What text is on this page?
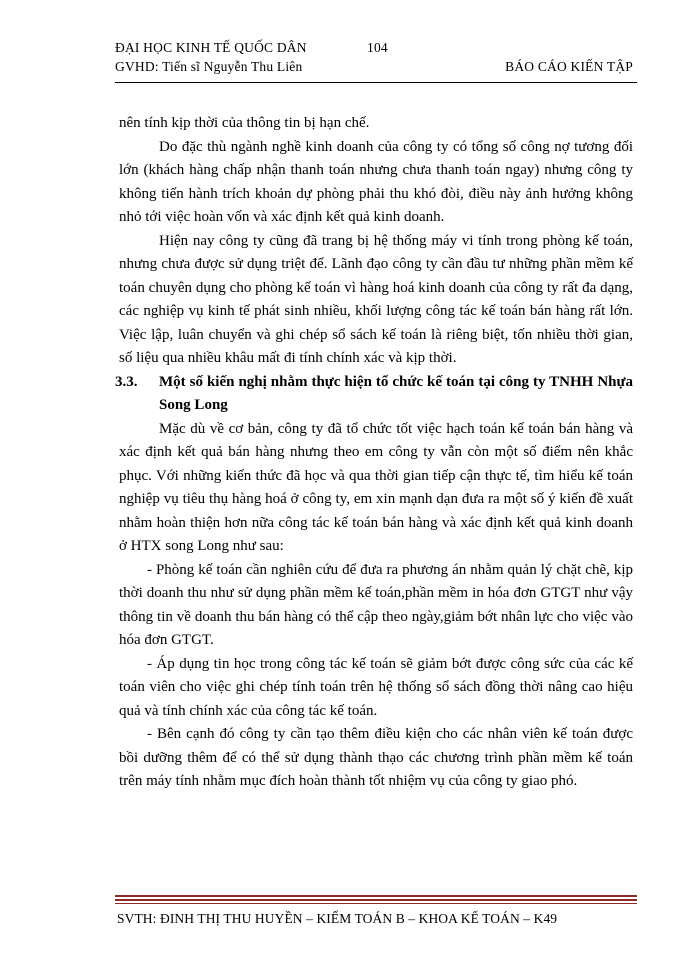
ĐẠI HỌC KINH TẾ QUỐC DÂN	104
GVHD: Tiến sĩ Nguyễn Thu Liên	BÁO CÁO KIẾN TẬP

nên tính kịp thời của thông tin bị hạn chế.

Do đặc thù ngành nghề kinh doanh của công ty có tổng số công nợ tương đối lớn (khách hàng chấp nhận thanh toán nhưng chưa thanh toán ngay) nhưng công ty không tiến hành trích khoản dự phòng phải thu khó đòi, điều này ảnh hưởng không nhỏ tới việc hoàn vốn và xác định kết quả kinh doanh.

Hiện nay công ty cũng đã trang bị hệ thống máy vi tính trong phòng kế toán, nhưng chưa được sử dụng triệt để. Lãnh đạo công ty cần đầu tư những phần mềm kế toán chuyên dụng cho phòng kế toán vì hàng hoá kinh doanh của công ty rất đa dạng, các nghiệp vụ kinh tế phát sinh nhiều, khối lượng công tác kế toán bán hàng rất lớn. Việc lập, luân chuyển và ghi chép sổ sách kế toán là riêng biệt, tốn nhiều thời gian, số liệu qua nhiều khâu mất đi tính chính xác và kịp thời.

3.3.	Một số kiến nghị nhằm thực hiện tổ chức kế toán tại công ty TNHH Nhựa Song Long

Mặc dù về cơ bản, công ty đã tổ chức tốt việc hạch toán kế toán bán hàng và xác định kết quả bán hàng nhưng theo em công ty vẫn còn một số điểm nên khắc phục. Với những kiến thức đã học và qua thời gian tiếp cận thực tế, tìm hiểu kế toán nghiệp vụ tiêu thụ hàng hoá ở công ty, em xin mạnh dạn đưa ra một số ý kiến đề xuất nhằm hoàn thiện hơn nữa công tác kế toán bán hàng và xác định kết quả kinh doanh ở HTX song Long như sau:

- Phòng kế toán cần nghiên cứu để đưa ra phương án nhằm quản lý chặt chẽ, kịp thời doanh thu như sử dụng phần mềm kế toán,phần mềm in hóa đơn GTGT như vậy thông tin về doanh thu bán hàng có thể cập theo ngày,giảm bớt nhân lực cho việc vào hóa đơn GTGT.

- Áp dụng tin học trong công tác kế toán sẽ giảm bớt được công sức của các kế toán viên cho việc ghi chép tính toán trên hệ thống sổ sách đồng thời nâng cao hiệu quả và tính chính xác của công tác kế toán.

- Bên cạnh đó công ty cần tạo thêm điều kiện cho các nhân viên kế toán được bồi dưỡng thêm để có thể sử dụng thành thạo các chương trình phần mềm kế toán trên máy tính nhằm mục đích hoàn thành tốt nhiệm vụ của công ty giao phó.

SVTH: ĐINH THỊ THU HUYỀN – KIỂM TOÁN B – KHOA KẾ TOÁN – K49
